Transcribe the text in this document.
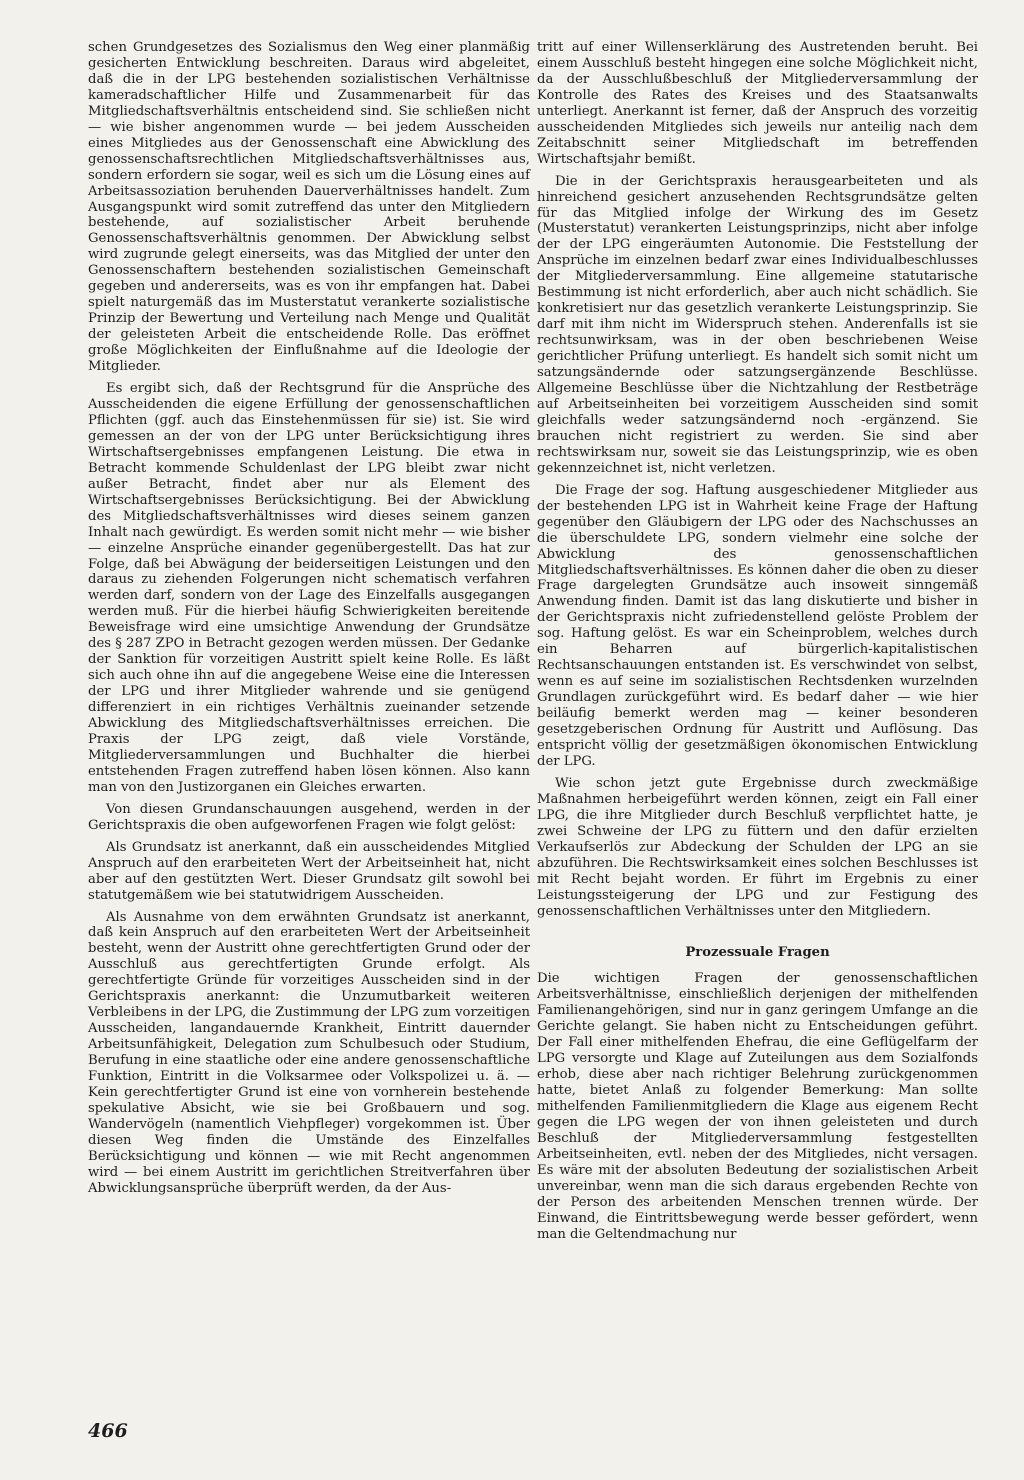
schen Grundgesetzes des Sozialismus den Weg einer planmäßig gesicherten Entwicklung beschreiten. Daraus wird abgeleitet, daß die in der LPG bestehenden sozialistischen Verhältnisse kameradschaftlicher Hilfe und Zusammenarbeit für das Mitgliedschaftsverhältnis entscheidend sind. Sie schließen nicht — wie bisher angenommen wurde — bei jedem Ausscheiden eines Mitgliedes aus der Genossenschaft eine Abwicklung des genossenschaftsrechtlichen Mitgliedschaftsverhältnisses aus, sondern erfordern sie sogar, weil es sich um die Lösung eines auf Arbeitsassoziation beruhenden Dauerverhältnisses handelt. Zum Ausgangspunkt wird somit zutreffend das unter den Mitgliedern bestehende, auf sozialistischer Arbeit beruhende Genossenschaftsverhältnis genommen. Der Abwicklung selbst wird zugrunde gelegt einerseits, was das Mitglied der unter den Genossenschaftern bestehenden sozialistischen Gemeinschaft gegeben und andererseits, was es von ihr empfangen hat. Dabei spielt naturgemäß das im Musterstatut verankerte sozialistische Prinzip der Bewertung und Verteilung nach Menge und Qualität der geleisteten Arbeit die entscheidende Rolle. Das eröffnet große Möglichkeiten der Einflußnahme auf die Ideologie der Mitglieder.

Es ergibt sich, daß der Rechtsgrund für die Ansprüche des Ausscheidenden die eigene Erfüllung der genossenschaftlichen Pflichten (ggf. auch das Einstehenmüssen für sie) ist. Sie wird gemessen an der von der LPG unter Berücksichtigung ihres Wirtschaftsergebnisses empfangenen Leistung. Die etwa in Betracht kommende Schuldenlast der LPG bleibt zwar nicht außer Betracht, findet aber nur als Element des Wirtschaftsergebnisses Berücksichtigung. Bei der Abwicklung des Mitgliedschaftsverhältnisses wird dieses seinem ganzen Inhalt nach gewürdigt. Es werden somit nicht mehr — wie bisher — einzelne Ansprüche einander gegenübergestellt. Das hat zur Folge, daß bei Abwägung der beiderseitigen Leistungen und den daraus zu ziehenden Folgerungen nicht schematisch verfahren werden darf, sondern von der Lage des Einzelfalls ausgegangen werden muß. Für die hierbei häufig Schwierigkeiten bereitende Beweisfrage wird eine umsichtige Anwendung der Grundsätze des § 287 ZPO in Betracht gezogen werden müssen. Der Gedanke der Sanktion für vorzeitigen Austritt spielt keine Rolle. Es läßt sich auch ohne ihn auf die angegebene Weise eine die Interessen der LPG und ihrer Mitglieder wahrende und sie genügend differenziert in ein richtiges Verhältnis zueinander setzende Abwicklung des Mitgliedschaftsverhältnisses erreichen. Die Praxis der LPG zeigt, daß viele Vorstände, Mitgliederversammlungen und Buchhalter die hierbei entstehenden Fragen zutreffend haben lösen können. Also kann man von den Justizorganen ein Gleiches erwarten.

Von diesen Grundanschauungen ausgehend, werden in der Gerichtspraxis die oben aufgeworfenen Fragen wie folgt gelöst:

Als Grundsatz ist anerkannt, daß ein ausscheidendes Mitglied Anspruch auf den erarbeiteten Wert der Arbeitseinheit hat, nicht aber auf den gestützten Wert. Dieser Grundsatz gilt sowohl bei statutgemäßem wie bei statutwidrigem Ausscheiden.

Als Ausnahme von dem erwähnten Grundsatz ist anerkannt, daß kein Anspruch auf den erarbeiteten Wert der Arbeitseinheit besteht, wenn der Austritt ohne gerechtfertigten Grund oder der Ausschluß aus gerechtfertigten Grunde erfolgt. Als gerechtfertigte Gründe für vorzeitiges Ausscheiden sind in der Gerichtspraxis anerkannt: die Unzumutbarkeit weiteren Verbleibens in der LPG, die Zustimmung der LPG zum vorzeitigen Ausscheiden, langandauernde Krankheit, Eintritt dauernder Arbeitsunfähigkeit, Delegation zum Schulbesuch oder Studium, Berufung in eine staatliche oder eine andere genossenschaftliche Funktion, Eintritt in die Volksarmee oder Volkspolizei u. ä. — Kein gerechtfertigter Grund ist eine von vornherein bestehende spekulative Absicht, wie sie bei Großbauern und sog. Wandervögeln (namentlich Viehpfleger) vorgekommen ist. Über diesen Weg finden die Umstände des Einzelfalles Berücksichtigung und können — wie mit Recht angenommen wird — bei einem Austritt im gerichtlichen Streitverfahren über Abwicklungsansprüche überprüft werden, da der Aus-

tritt auf einer Willenserklärung des Austretenden beruht. Bei einem Ausschluß besteht hingegen eine solche Möglichkeit nicht, da der Ausschlußbeschluß der Mitgliederversammlung der Kontrolle des Rates des Kreises und des Staatsanwalts unterliegt. Anerkannt ist ferner, daß der Anspruch des vorzeitig ausscheidenden Mitgliedes sich jeweils nur anteilig nach dem Zeitabschnitt seiner Mitgliedschaft im betreffenden Wirtschaftsjahr bemißt.

Die in der Gerichtspraxis herausgearbeiteten und als hinreichend gesichert anzusehenden Rechtsgrundsätze gelten für das Mitglied infolge der Wirkung des im Gesetz (Musterstatut) verankerten Leistungsprinzips, nicht aber infolge der der LPG eingeräumten Autonomie. Die Feststellung der Ansprüche im einzelnen bedarf zwar eines Individualbeschlusses der Mitgliederversammlung. Eine allgemeine statutarische Bestimmung ist nicht erforderlich, aber auch nicht schädlich. Sie konkretisiert nur das gesetzlich verankerte Leistungsprinzip. Sie darf mit ihm nicht im Widerspruch stehen. Anderenfalls ist sie rechtsunwirksam, was in der oben beschriebenen Weise gerichtlicher Prüfung unterliegt. Es handelt sich somit nicht um satzungsändernde oder satzungsergänzende Beschlüsse. Allgemeine Beschlüsse über die Nichtzahlung der Restbeträge auf Arbeitseinheiten bei vorzeitigem Ausscheiden sind somit gleichfalls weder satzungsändernd noch -ergänzend. Sie brauchen nicht registriert zu werden. Sie sind aber rechtswirksam nur, soweit sie das Leistungsprinzip, wie es oben gekennzeichnet ist, nicht verletzen.

Die Frage der sog. Haftung ausgeschiedener Mitglieder aus der bestehenden LPG ist in Wahrheit keine Frage der Haftung gegenüber den Gläubigern der LPG oder des Nachschusses an die überschuldete LPG, sondern vielmehr eine solche der Abwicklung des genossenschaftlichen Mitgliedschaftsverhältnisses. Es können daher die oben zu dieser Frage dargelegten Grundsätze auch insoweit sinngemäß Anwendung finden. Damit ist das lang diskutierte und bisher in der Gerichtspraxis nicht zufriedenstellend gelöste Problem der sog. Haftung gelöst. Es war ein Scheinproblem, welches durch ein Beharren auf bürgerlich-kapitalistischen Rechtsanschauungen entstanden ist. Es verschwindet von selbst, wenn es auf seine im sozialistischen Rechtsdenken wurzelnden Grundlagen zurückgeführt wird. Es bedarf daher — wie hier beiläufig bemerkt werden mag — keiner besonderen gesetzgeberischen Ordnung für Austritt und Auflösung. Das entspricht völlig der gesetzmäßigen ökonomischen Entwicklung der LPG.

Wie schon jetzt gute Ergebnisse durch zweckmäßige Maßnahmen herbeigeführt werden können, zeigt ein Fall einer LPG, die ihre Mitglieder durch Beschluß verpflichtet hatte, je zwei Schweine der LPG zu füttern und den dafür erzielten Verkaufserlös zur Abdeckung der Schulden der LPG an sie abzuführen. Die Rechtswirksamkeit eines solchen Beschlusses ist mit Recht bejaht worden. Er führt im Ergebnis zu einer Leistungssteigerung der LPG und zur Festigung des genossenschaftlichen Verhältnisses unter den Mitgliedern.

Prozessuale Fragen

Die wichtigen Fragen der genossenschaftlichen Arbeitsverhältnisse, einschließlich derjenigen der mithelfenden Familienangehörigen, sind nur in ganz geringem Umfange an die Gerichte gelangt. Sie haben nicht zu Entscheidungen geführt. Der Fall einer mithelfenden Ehefrau, die eine Geflügelfarm der LPG versorgte und Klage auf Zuteilungen aus dem Sozialfonds erhob, diese aber nach richtiger Belehrung zurückgenommen hatte, bietet Anlaß zu folgender Bemerkung: Man sollte mithelfenden Familienmitgliedern die Klage aus eigenem Recht gegen die LPG wegen der von ihnen geleisteten und durch Beschluß der Mitgliederversammlung festgestellten Arbeitseinheiten, evtl. neben der des Mitgliedes, nicht versagen. Es wäre mit der absoluten Bedeutung der sozialistischen Arbeit unvereinbar, wenn man die sich daraus ergebenden Rechte von der Person des arbeitenden Menschen trennen würde. Der Einwand, die Eintrittsbewegung werde besser gefördert, wenn man die Geltendmachung nur

466
